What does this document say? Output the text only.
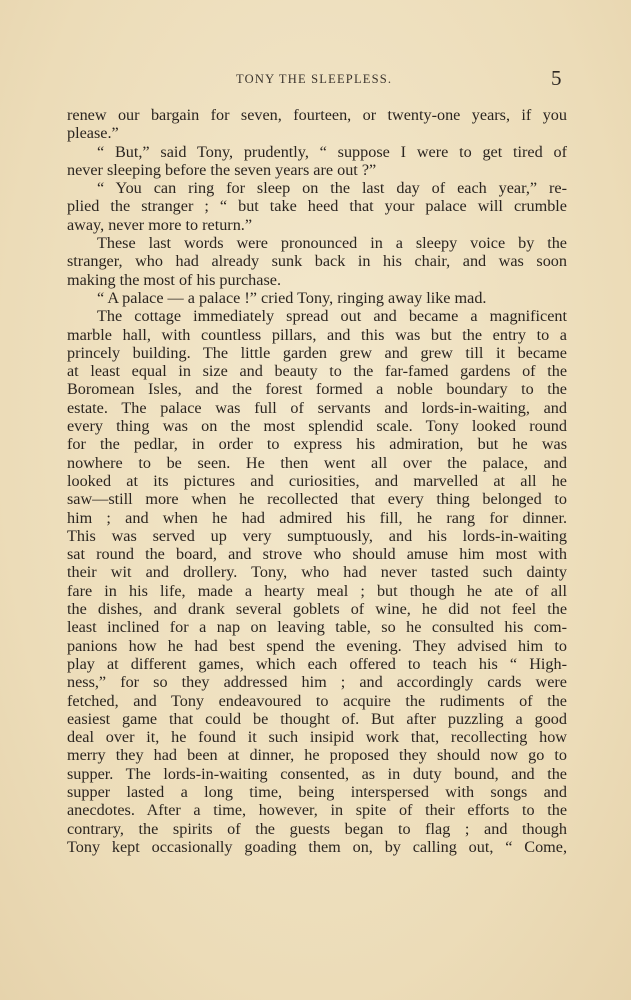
TONY THE SLEEPLESS.	5
renew our bargain for seven, fourteen, or twenty-one years, if you
please.”
“ But,” said Tony, prudently, “ suppose I were to get tired of
never sleeping before the seven years are out ?”
“ You can ring for sleep on the last day of each year,” re-
plied the stranger ; “ but take heed that your palace will crumble
away, never more to return.”
These last words were pronounced in a sleepy voice by the
stranger, who had already sunk back in his chair, and was soon
making the most of his purchase.
“ A palace — a palace !” cried Tony, ringing away like mad.
The cottage immediately spread out and became a magnificent
marble hall, with countless pillars, and this was but the entry to a
princely building. The little garden grew and grew till it became
at least equal in size and beauty to the far-famed gardens of the
Boromean Isles, and the forest formed a noble boundary to the
estate. The palace was full of servants and lords-in-waiting, and
every thing was on the most splendid scale. Tony looked round
for the pedlar, in order to express his admiration, but he was
nowhere to be seen. He then went all over the palace, and
looked at its pictures and curiosities, and marvelled at all he
saw—still more when he recollected that every thing belonged to
him ; and when he had admired his fill, he rang for dinner.
This was served up very sumptuously, and his lords-in-waiting
sat round the board, and strove who should amuse him most with
their wit and drollery. Tony, who had never tasted such dainty
fare in his life, made a hearty meal ; but though he ate of all
the dishes, and drank several goblets of wine, he did not feel the
least inclined for a nap on leaving table, so he consulted his com-
panions how he had best spend the evening. They advised him to
play at different games, which each offered to teach his “ High-
ness,” for so they addressed him ; and accordingly cards were
fetched, and Tony endeavoured to acquire the rudiments of the
easiest game that could be thought of. But after puzzling a good
deal over it, he found it such insipid work that, recollecting how
merry they had been at dinner, he proposed they should now go to
supper. The lords-in-waiting consented, as in duty bound, and the
supper lasted a long time, being interspersed with songs and
anecdotes. After a time, however, in spite of their efforts to the
contrary, the spirits of the guests began to flag ; and though
Tony kept occasionally goading them on, by calling out, “ Come,
